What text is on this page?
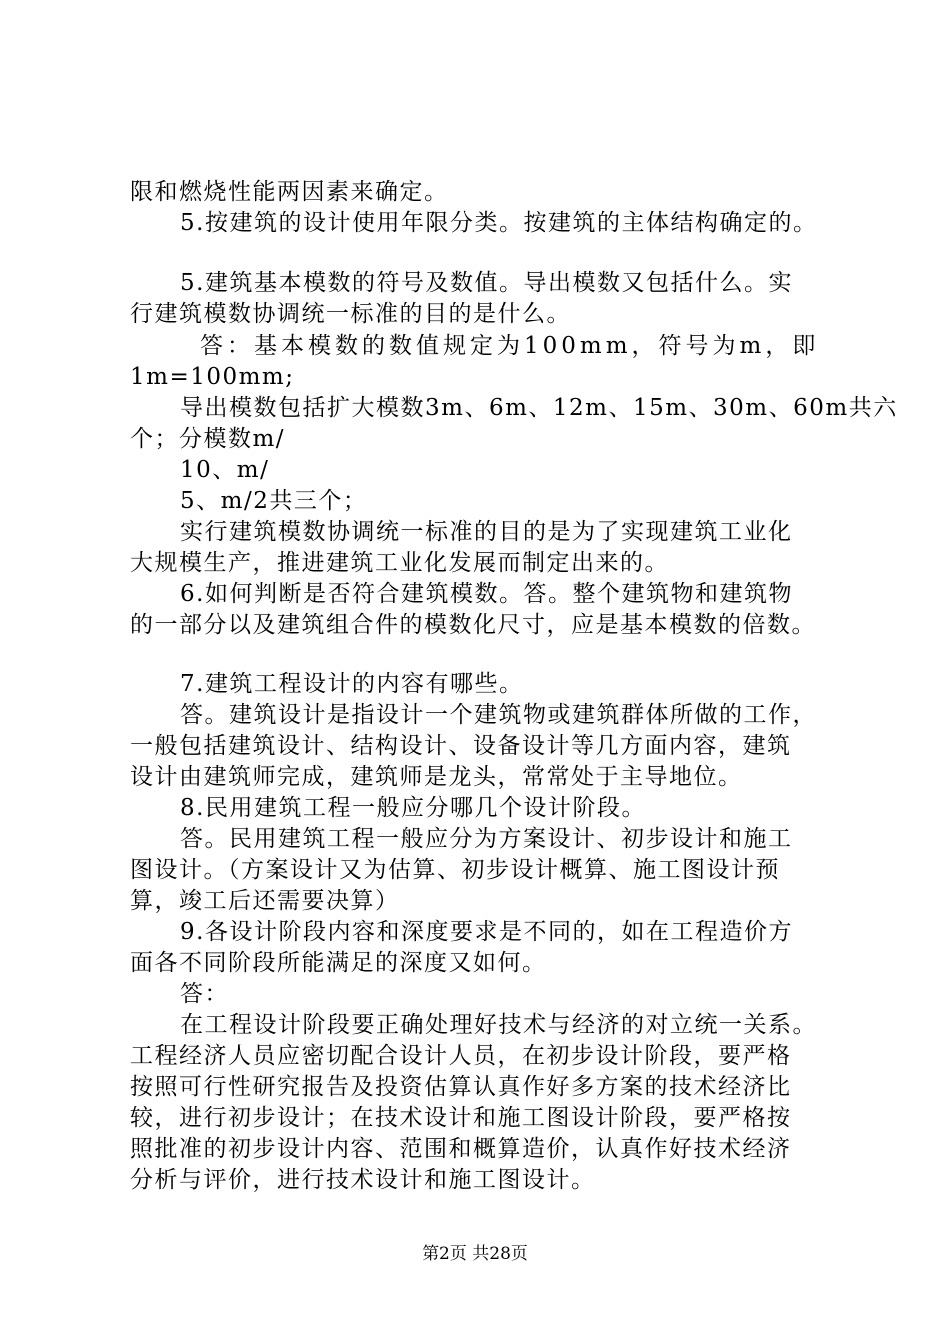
限和燃烧性能两因素来确定。
5.按建筑的设计使用年限分类。按建筑的主体结构确定的。
5.建筑基本模数的符号及数值。导出模数又包括什么。实
行建筑模数协调统一标准的目的是什么。
答：基本模数的数值规定为100mm，符号为m，即
1m=100mm;
导出模数包括扩大模数3m、6m、12m、15m、30m、60m共六
个；分模数m/
10、m/
5、m/2共三个；
实行建筑模数协调统一标准的目的是为了实现建筑工业化
大规模生产，推进建筑工业化发展而制定出来的。
6.如何判断是否符合建筑模数。答。整个建筑物和建筑物
的一部分以及建筑组合件的模数化尺寸，应是基本模数的倍数。
7.建筑工程设计的内容有哪些。
答。建筑设计是指设计一个建筑物或建筑群体所做的工作，
一般包括建筑设计、结构设计、设备设计等几方面内容，建筑
设计由建筑师完成，建筑师是龙头，常常处于主导地位。
8.民用建筑工程一般应分哪几个设计阶段。
答。民用建筑工程一般应分为方案设计、初步设计和施工
图设计。（方案设计又为估算、初步设计概算、施工图设计预
算，竣工后还需要决算）
9.各设计阶段内容和深度要求是不同的，如在工程造价方
面各不同阶段所能满足的深度又如何。
答：
在工程设计阶段要正确处理好技术与经济的对立统一关系。
工程经济人员应密切配合设计人员，在初步设计阶段，要严格
按照可行性研究报告及投资估算认真作好多方案的技术经济比
较，进行初步设计；在技术设计和施工图设计阶段，要严格按
照批准的初步设计内容、范围和概算造价，认真作好技术经济
分析与评价，进行技术设计和施工图设计。
第2页 共28页
